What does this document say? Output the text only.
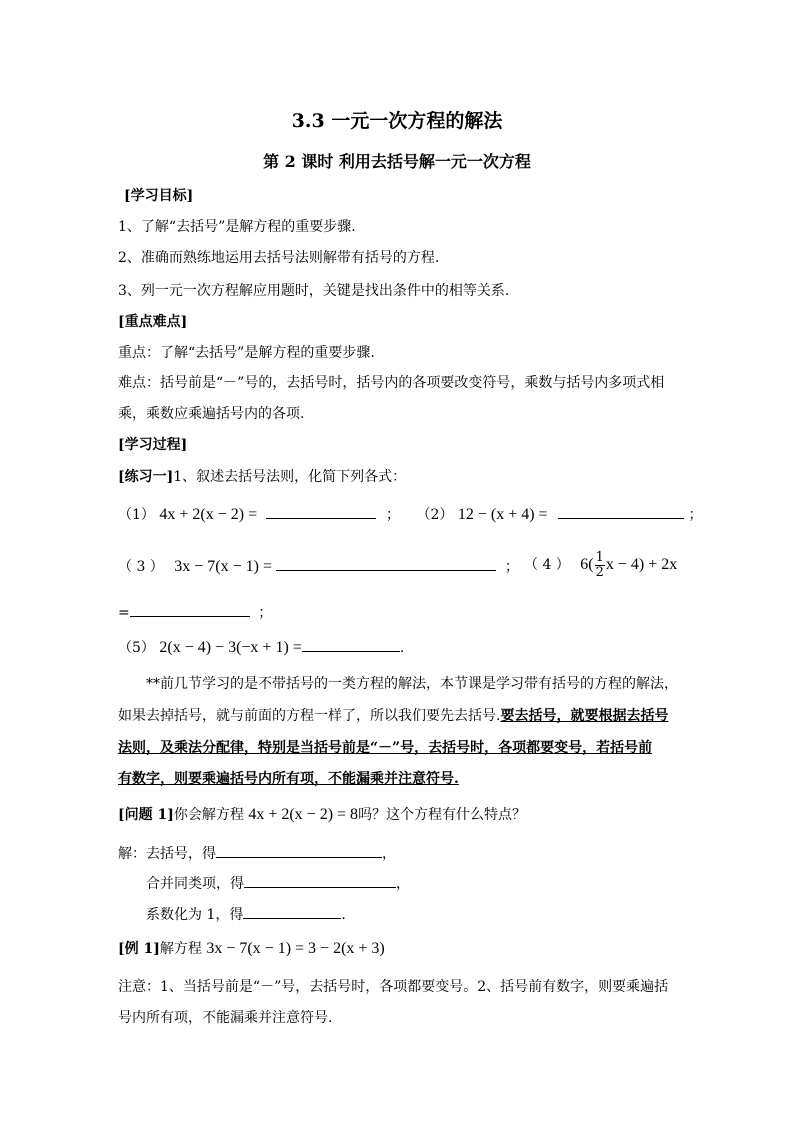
3.3 一元一次方程的解法
第 2 课时 利用去括号解一元一次方程
[学习目标]
1、了解“去括号”是解方程的重要步骤.
2、准确而熟练地运用去括号法则解带有括号的方程.
3、列一元一次方程解应用题时，关键是找出条件中的相等关系.
[重点难点]
重点：了解“去括号”是解方程的重要步骤.
难点：括号前是“－”号的，去括号时，括号内的各项要改变符号，乘数与括号内多项式相
乘，乘数应乘遍括号内的各项.
[学习过程]
[练习一]1、叙述去括号法则，化简下列各式：
（1） 4x + 2(x − 2) =	； （2） 12 − (x + 4) =	；
（ 3 ） 3x − 7(x − 1) =	； （ 4 ） $6( \frac{1}{2}$ x − 4) + 2x
=	；
（5） 2(x − 4) − 3(−x + 1) =	.
**前几节学习的是不带括号的一类方程的解法，本节课是学习带有括号的方程的解法，
如果去掉括号，就与前面的方程一样了，所以我们要先去括号.要去括号，就要根据去括号
法则，及乘法分配律，特别是当括号前是“－”号，去括号时，各项都要变号，若括号前
有数字，则要乘遍括号内所有项，不能漏乘并注意符号.
[问题 1]你会解方程 4x + 2(x − 2) = 8吗？这个方程有什么特点？
解：去括号，得	，
合并同类项，得	，
系数化为 1，得	.
[例 1]解方程 3x − 7(x − 1) = 3 − 2(x + 3)
注意：1、当括号前是“－”号，去括号时，各项都要变号。2、括号前有数字，则要乘遍括
号内所有项，不能漏乘并注意符号.
